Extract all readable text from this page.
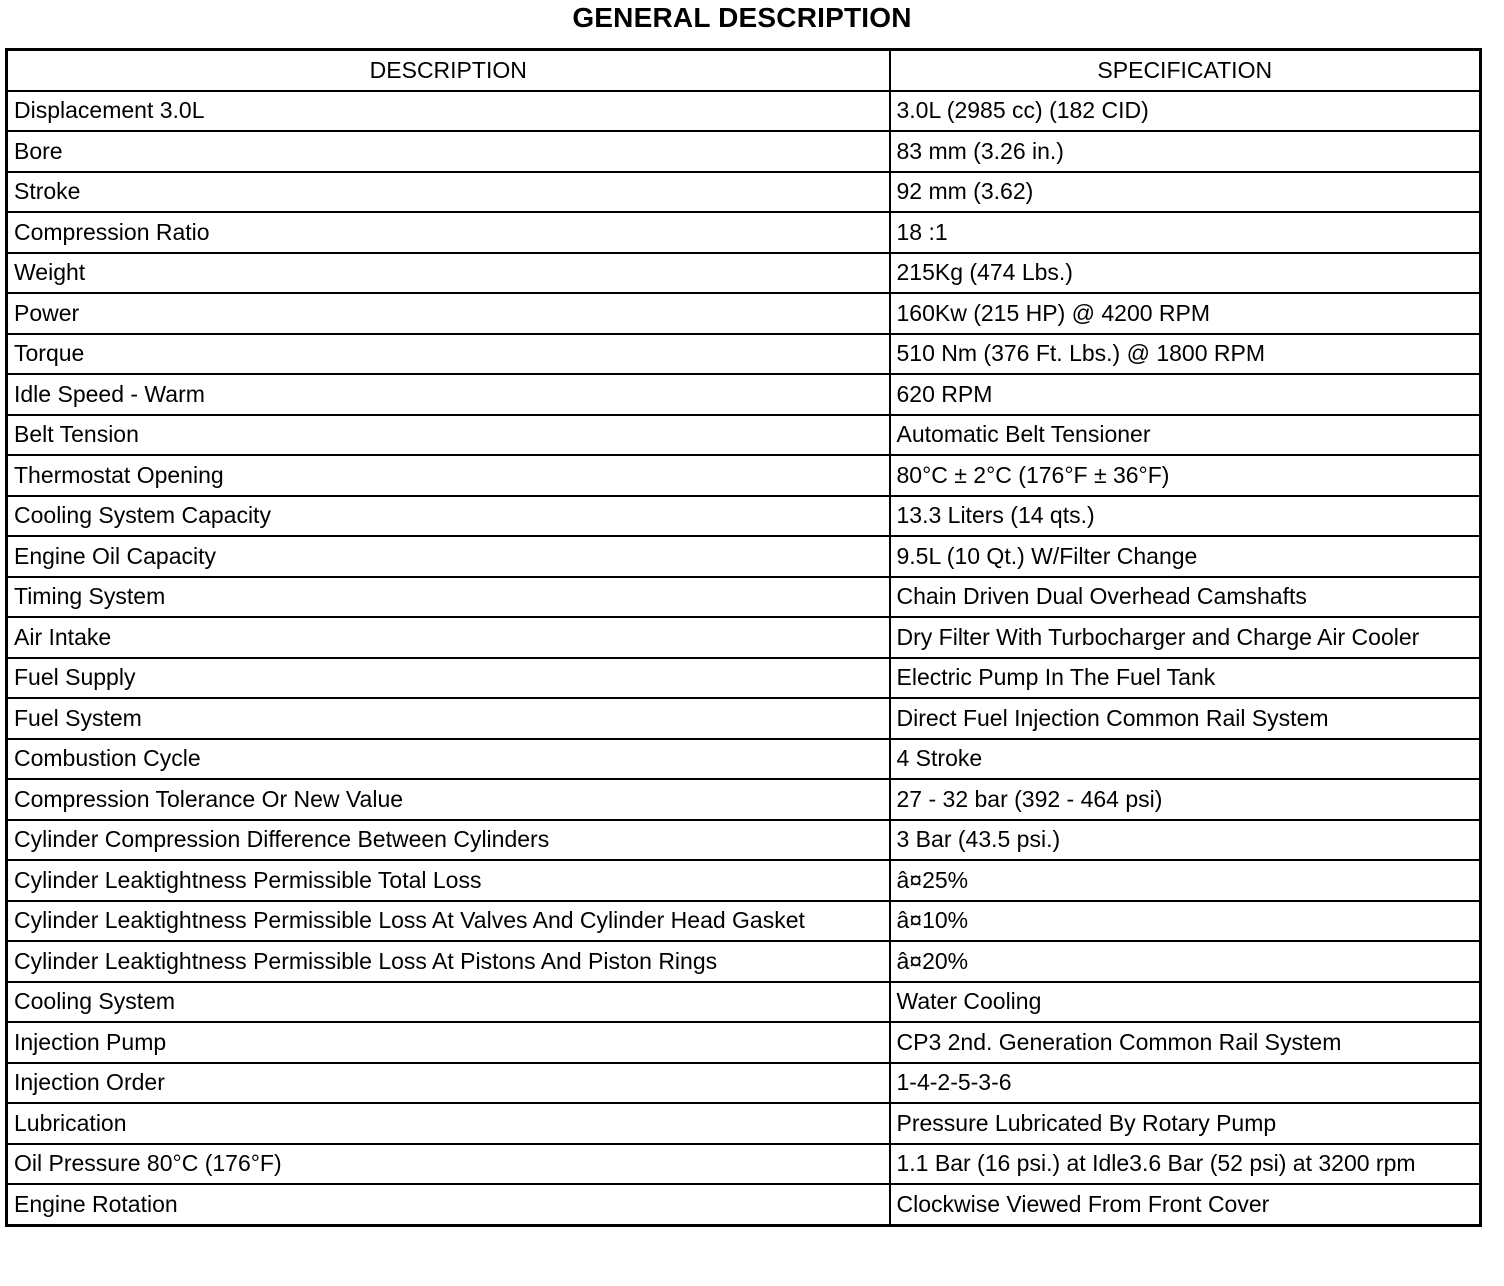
GENERAL DESCRIPTION
DESCRIPTION	SPECIFICATION
Displacement 3.0L	3.0L (2985 cc) (182 CID)
Bore	83 mm (3.26 in.)
Stroke	92 mm (3.62)
Compression Ratio	18 :1
Weight	215Kg (474 Lbs.)
Power	160Kw (215 HP) @ 4200 RPM
Torque	510 Nm (376 Ft. Lbs.) @ 1800 RPM
Idle Speed - Warm	620 RPM
Belt Tension	Automatic Belt Tensioner
Thermostat Opening	80°C ± 2°C (176°F ± 36°F)
Cooling System Capacity	13.3 Liters (14 qts.)
Engine Oil Capacity	9.5L (10 Qt.) W/Filter Change
Timing System	Chain Driven Dual Overhead Camshafts
Air Intake	Dry Filter With Turbocharger and Charge Air Cooler
Fuel Supply	Electric Pump In The Fuel Tank
Fuel System	Direct Fuel Injection Common Rail System
Combustion Cycle	4 Stroke
Compression Tolerance Or New Value	27 - 32 bar (392 - 464 psi)
Cylinder Compression Difference Between Cylinders	3 Bar (43.5 psi.)
Cylinder Leaktightness Permissible Total Loss	â¤25%
Cylinder Leaktightness Permissible Loss At Valves And Cylinder Head Gasket	â¤10%
Cylinder Leaktightness Permissible Loss At Pistons And Piston Rings	â¤20%
Cooling System	Water Cooling
Injection Pump	CP3 2nd. Generation Common Rail System
Injection Order	1-4-2-5-3-6
Lubrication	Pressure Lubricated By Rotary Pump
Oil Pressure 80°C (176°F)	1.1 Bar (16 psi.) at Idle3.6 Bar (52 psi) at 3200 rpm
Engine Rotation	Clockwise Viewed From Front Cover
